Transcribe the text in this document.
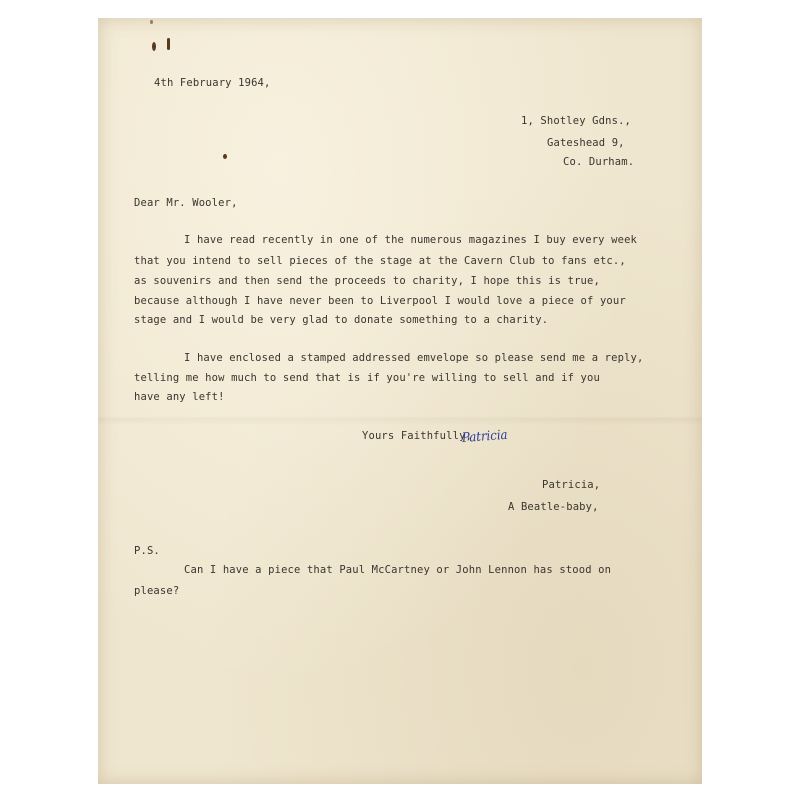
4th February 1964,
1, Shotley Gdns.,
Gateshead 9,
Co. Durham.
Dear Mr. Wooler,
I have read recently in one of the numerous magazines I buy every week
that you intend to sell pieces of the stage at the Cavern Club to fans etc.,
as souvenirs and then send the proceeds to charity, I hope this is true,
because although I have never been to Liverpool I would love a piece of your
stage and I would be very glad to donate something to a charity.
I have enclosed a stamped addressed emvelope so please send me a reply,
telling me how much to send that is if you're willing to sell and if you
have any left!
Yours Faithfully,
Patricia
Patricia,
A Beatle-baby,
P.S.
Can I have a piece that Paul McCartney or John Lennon has stood on
please?
